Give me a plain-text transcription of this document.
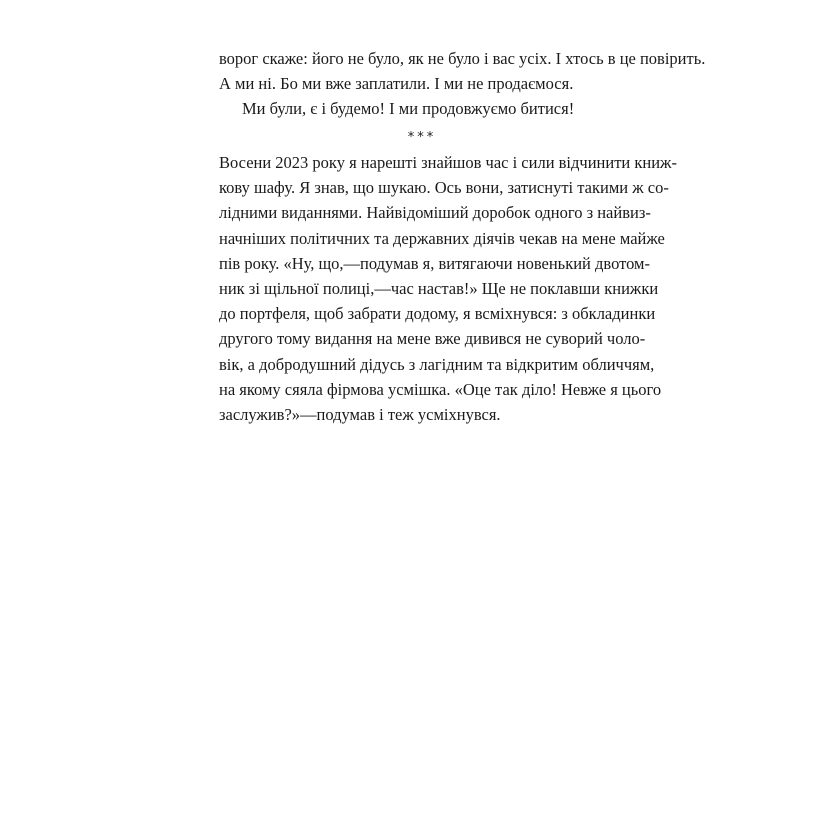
ворог скаже: його не було, як не було і вас усіх. І хтось в це повірить.
А ми ні. Бо ми вже заплатили. І ми не продаємося.
Ми були, є і будемо! І ми продовжуємо битися!
***
Восени 2023 року я нарешті знайшов час і сили відчинити книж-
кову шафу. Я знав, що шукаю. Ось вони, затиснуті такими ж со-
лідними виданнями. Найвідоміший доробок одного з найвиз-
начніших політичних та державних діячів чекав на мене майже
пів року. «Ну, що,—подумав я, витягаючи новенький двотом-
ник зі щільної полиці,—час настав!» Ще не поклавши книжки
до портфеля, щоб забрати додому, я всміхнувся: з обкладинки
другого тому видання на мене вже дивився не суворий чоло-
вік, а добродушний дідусь з лагідним та відкритим обличчям,
на якому сяяла фірмова усмішка. «Оце так діло! Невже я цього
заслужив?»—подумав і теж усміхнувся.
